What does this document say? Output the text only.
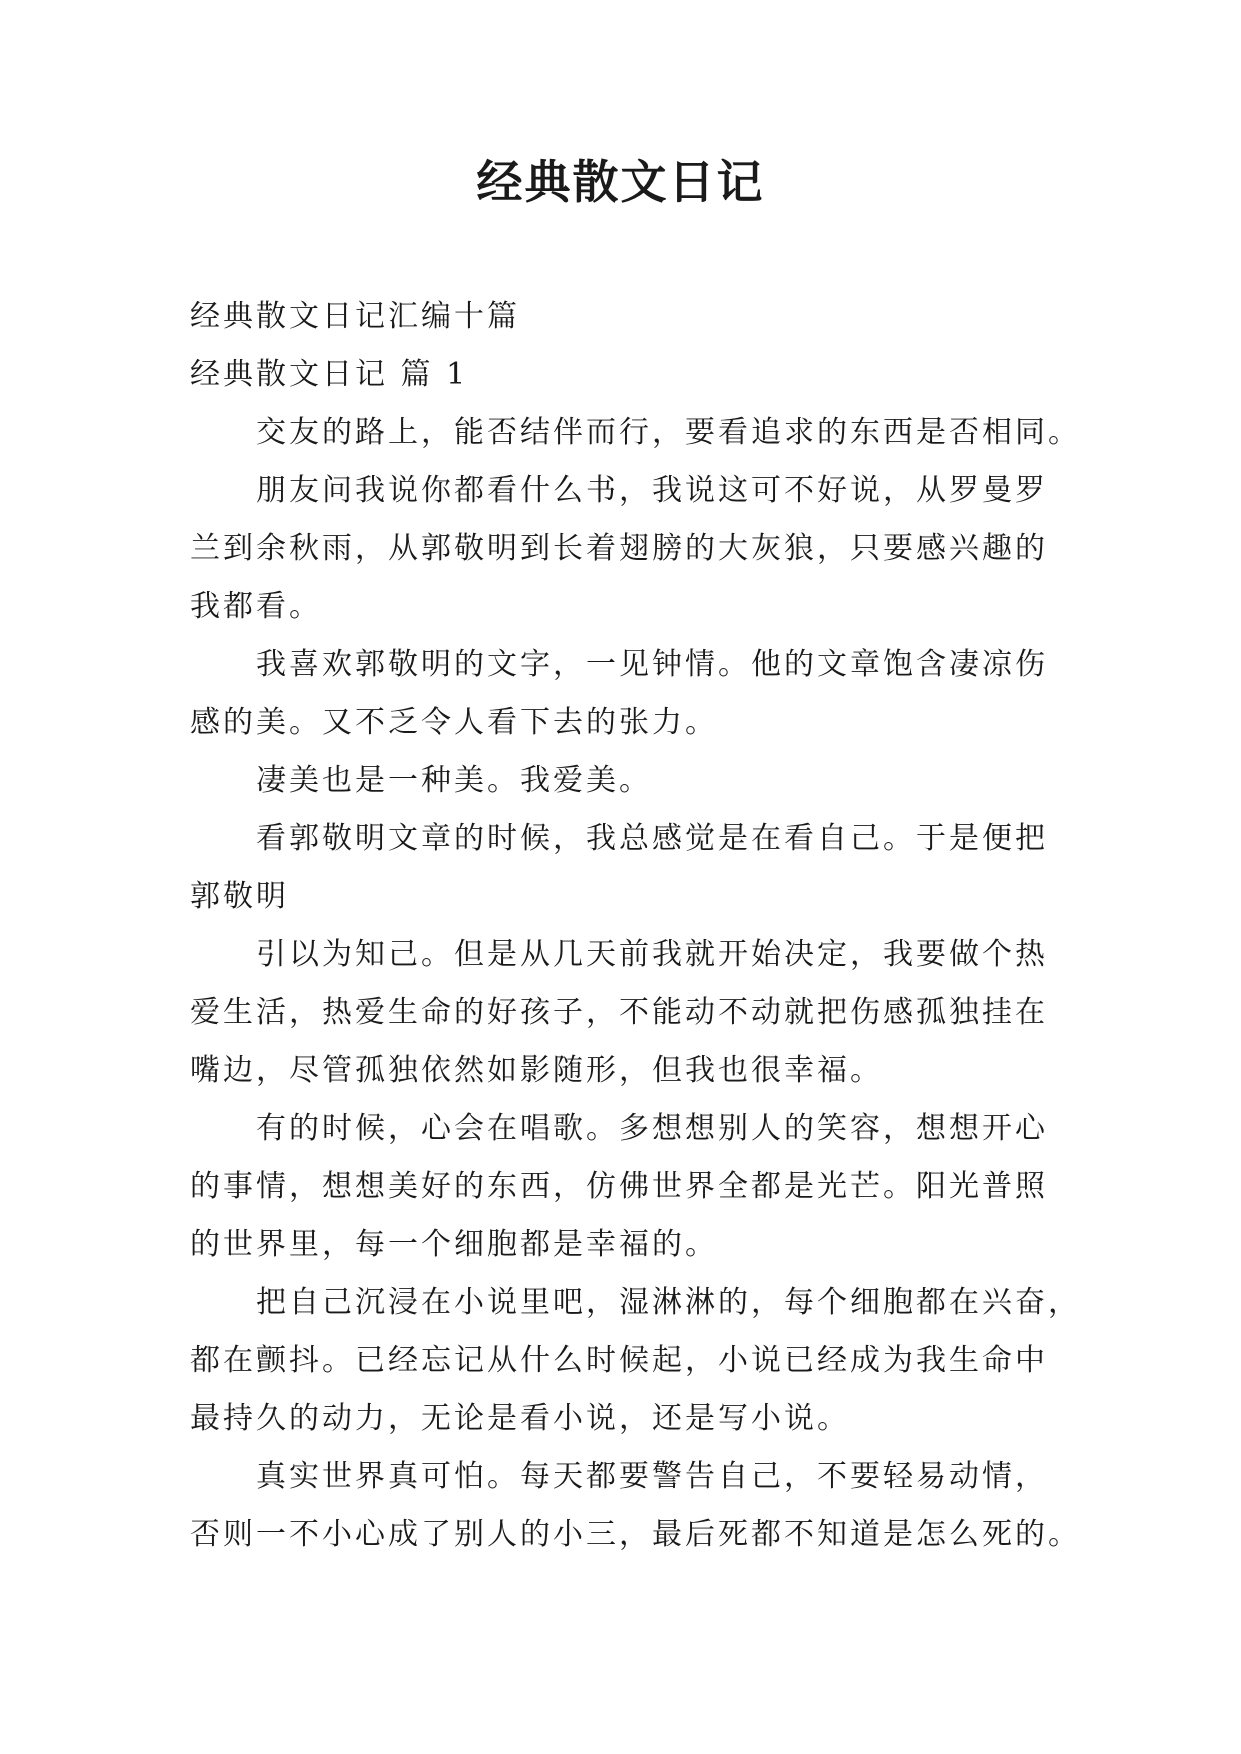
经典散文日记
经典散文日记汇编十篇
经典散文日记 篇 1
交友的路上，能否结伴而行，要看追求的东西是否相同。
朋友问我说你都看什么书，我说这可不好说，从罗曼罗
兰到余秋雨，从郭敬明到长着翅膀的大灰狼，只要感兴趣的
我都看。
我喜欢郭敬明的文字，一见钟情。他的文章饱含凄凉伤
感的美。又不乏令人看下去的张力。
凄美也是一种美。我爱美。
看郭敬明文章的时候，我总感觉是在看自己。于是便把
郭敬明
引以为知己。但是从几天前我就开始决定，我要做个热
爱生活，热爱生命的好孩子，不能动不动就把伤感孤独挂在
嘴边，尽管孤独依然如影随形，但我也很幸福。
有的时候，心会在唱歌。多想想别人的笑容，想想开心
的事情，想想美好的东西，仿佛世界全都是光芒。阳光普照
的世界里，每一个细胞都是幸福的。
把自己沉浸在小说里吧，湿淋淋的，每个细胞都在兴奋，
都在颤抖。已经忘记从什么时候起，小说已经成为我生命中
最持久的动力，无论是看小说，还是写小说。
真实世界真可怕。每天都要警告自己，不要轻易动情，
否则一不小心成了别人的小三，最后死都不知道是怎么死的。
